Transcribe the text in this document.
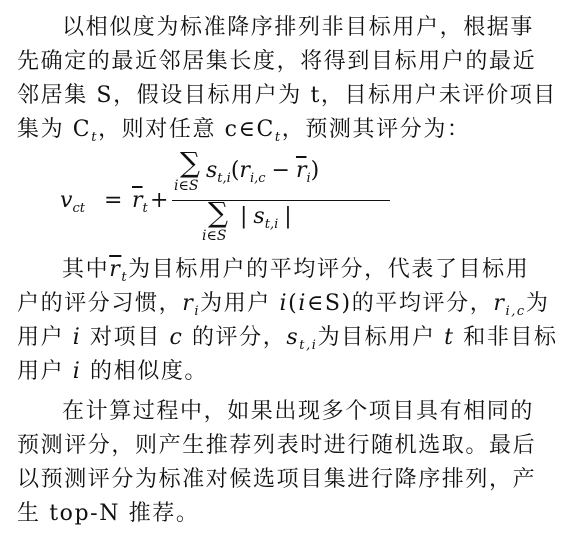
以相似度为标准降序排列非目标用户，根据事
先确定的最近邻居集长度，将得到目标用户的最近
邻居集 S，假设目标用户为 t，目标用户未评价项目
集为 $C_t$，则对任意 $c\in C_t$，预测其评分为：
$v_{ct} = \overline{r}_t$ +
∑
i∈S
$s_{t,i}(r_{i,c} - \overline{r}_i)$
∑
i∈S
| $s_{t,i}$ |
其中$\overline{r}_t$为目标用户的平均评分，代表了目标用
户的评分习惯，$r_i$为用户 i(i∈S)的平均评分，$r_{i,c}$为
用户 i 对项目 c 的评分，$s_{t,i}$为目标用户 t 和非目标
用户 i 的相似度。
在计算过程中，如果出现多个项目具有相同的
预测评分，则产生推荐列表时进行随机选取。最后
以预测评分为标准对候选项目集进行降序排列，产
生 top-N 推荐。
